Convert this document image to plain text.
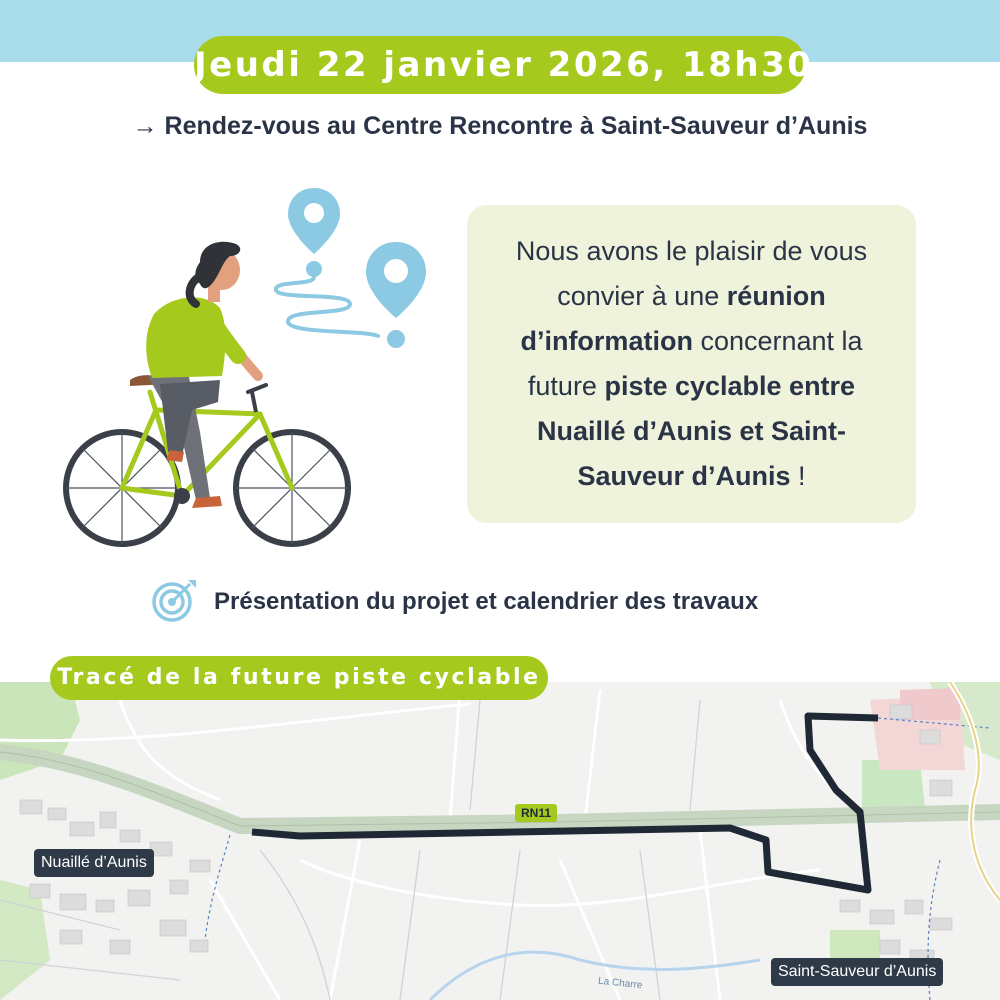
Jeudi 22 janvier 2026, 18h30
→ Rendez-vous au Centre Rencontre à Saint-Sauveur d’Aunis
Nous avons le plaisir de vous convier à une réunion d’information concernant la future piste cyclable entre Nuaillé d’Aunis et Saint-Sauveur d’Aunis !
Présentation du projet et calendrier des travaux
Tracé de la future piste cyclable
RN11
Nuaillé d’Aunis
Saint-Sauveur d’Aunis
La Charre
